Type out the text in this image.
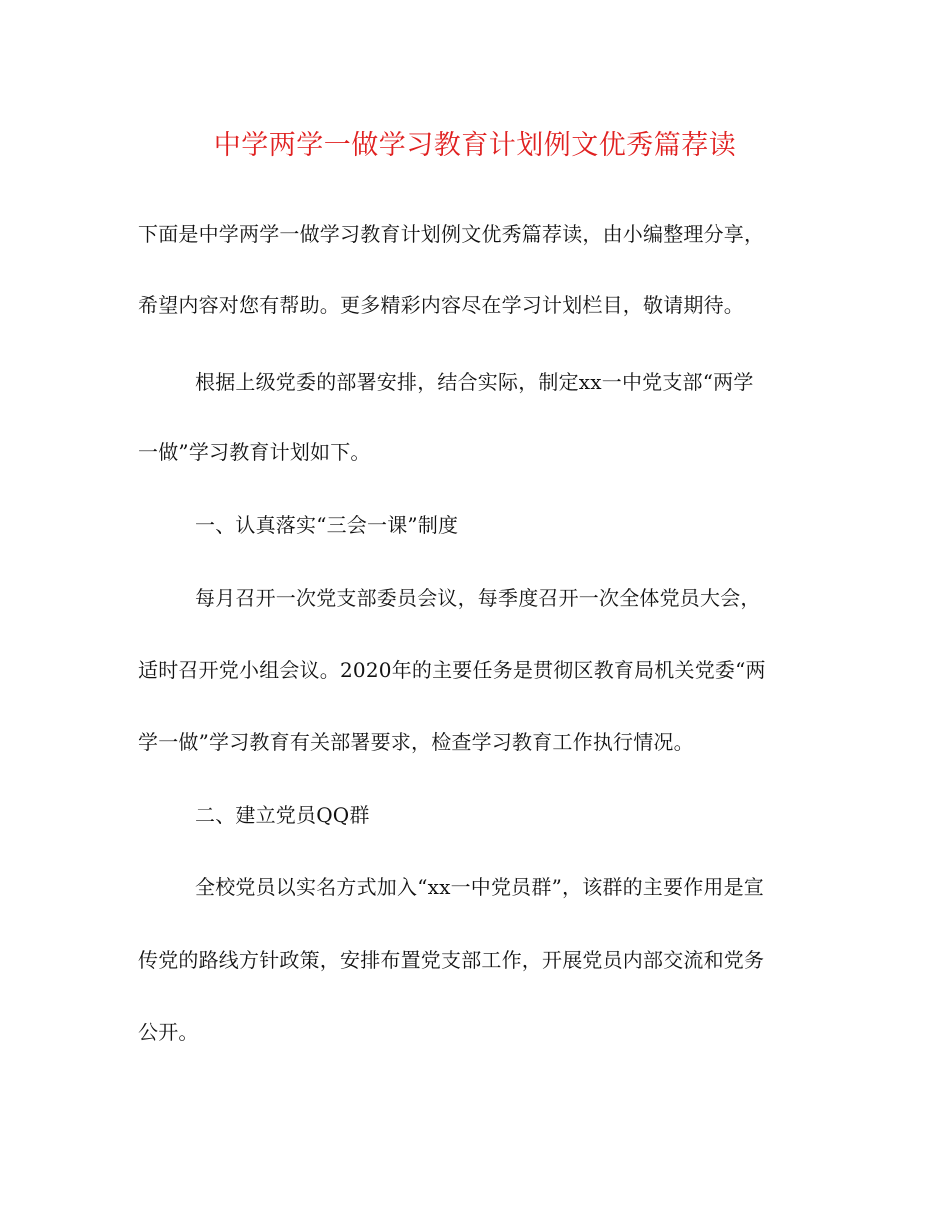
中学两学一做学习教育计划例文优秀篇荐读
下面是中学两学一做学习教育计划例文优秀篇荐读，由小编整理分享，
希望内容对您有帮助。更多精彩内容尽在学习计划栏目，敬请期待。
根据上级党委的部署安排，结合实际，制定xx一中党支部“两学
一做”学习教育计划如下。
一、认真落实“三会一课”制度
每月召开一次党支部委员会议，每季度召开一次全体党员大会，
适时召开党小组会议。2020年的主要任务是贯彻区教育局机关党委“两
学一做”学习教育有关部署要求，检查学习教育工作执行情况。
二、建立党员QQ群
全校党员以实名方式加入“xx一中党员群”，该群的主要作用是宣
传党的路线方针政策，安排布置党支部工作，开展党员内部交流和党务
公开。
